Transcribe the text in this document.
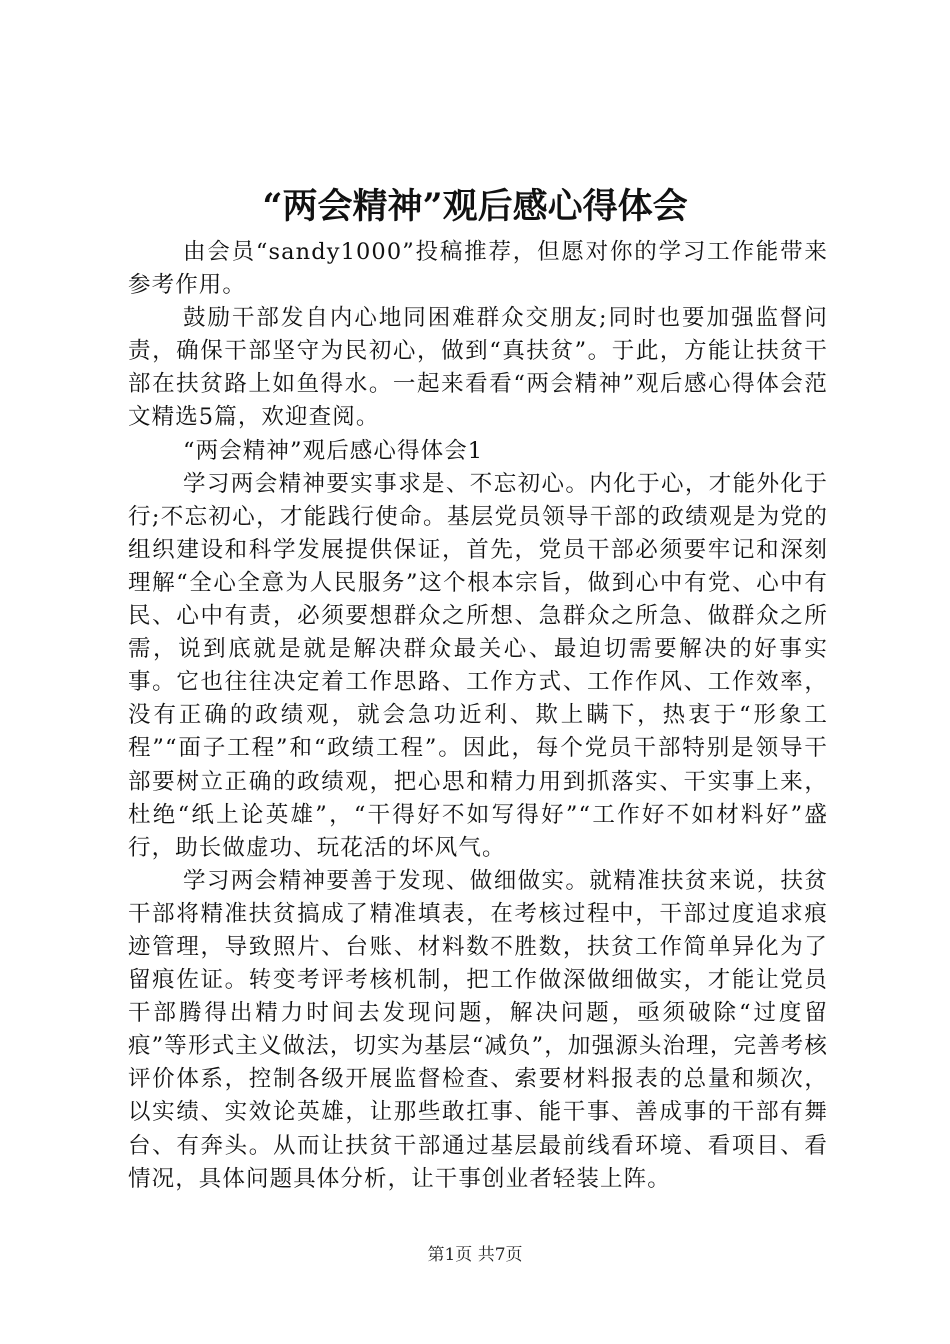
“两会精神”观后感心得体会

由会员“sandy1000”投稿推荐，但愿对你的学习工作能带来参考作用。

鼓励干部发自内心地同困难群众交朋友;同时也要加强监督问责，确保干部坚守为民初心，做到“真扶贫”。于此，方能让扶贫干部在扶贫路上如鱼得水。一起来看看“两会精神”观后感心得体会范文精选5篇，欢迎查阅。

“两会精神”观后感心得体会1

学习两会精神要实事求是、不忘初心。内化于心，才能外化于行;不忘初心，才能践行使命。基层党员领导干部的政绩观是为党的组织建设和科学发展提供保证，首先，党员干部必须要牢记和深刻理解“全心全意为人民服务”这个根本宗旨，做到心中有党、心中有民、心中有责，必须要想群众之所想、急群众之所急、做群众之所需，说到底就是就是解决群众最关心、最迫切需要解决的好事实事。它也往往决定着工作思路、工作方式、工作作风、工作效率，没有正确的政绩观，就会急功近利、欺上瞒下，热衷于“形象工程”“面子工程”和“政绩工程”。因此，每个党员干部特别是领导干部要树立正确的政绩观，把心思和精力用到抓落实、干实事上来，杜绝“纸上论英雄”，“干得好不如写得好”“工作好不如材料好”盛行，助长做虚功、玩花活的坏风气。

学习两会精神要善于发现、做细做实。就精准扶贫来说，扶贫干部将精准扶贫搞成了精准填表，在考核过程中，干部过度追求痕迹管理，导致照片、台账、材料数不胜数，扶贫工作简单异化为了留痕佐证。转变考评考核机制，把工作做深做细做实，才能让党员干部腾得出精力时间去发现问题，解决问题，亟须破除“过度留痕”等形式主义做法，切实为基层“减负”，加强源头治理，完善考核评价体系，控制各级开展监督检查、索要材料报表的总量和频次，以实绩、实效论英雄，让那些敢扛事、能干事、善成事的干部有舞台、有奔头。从而让扶贫干部通过基层最前线看环境、看项目、看情况，具体问题具体分析，让干事创业者轻装上阵。

第1页 共7页
